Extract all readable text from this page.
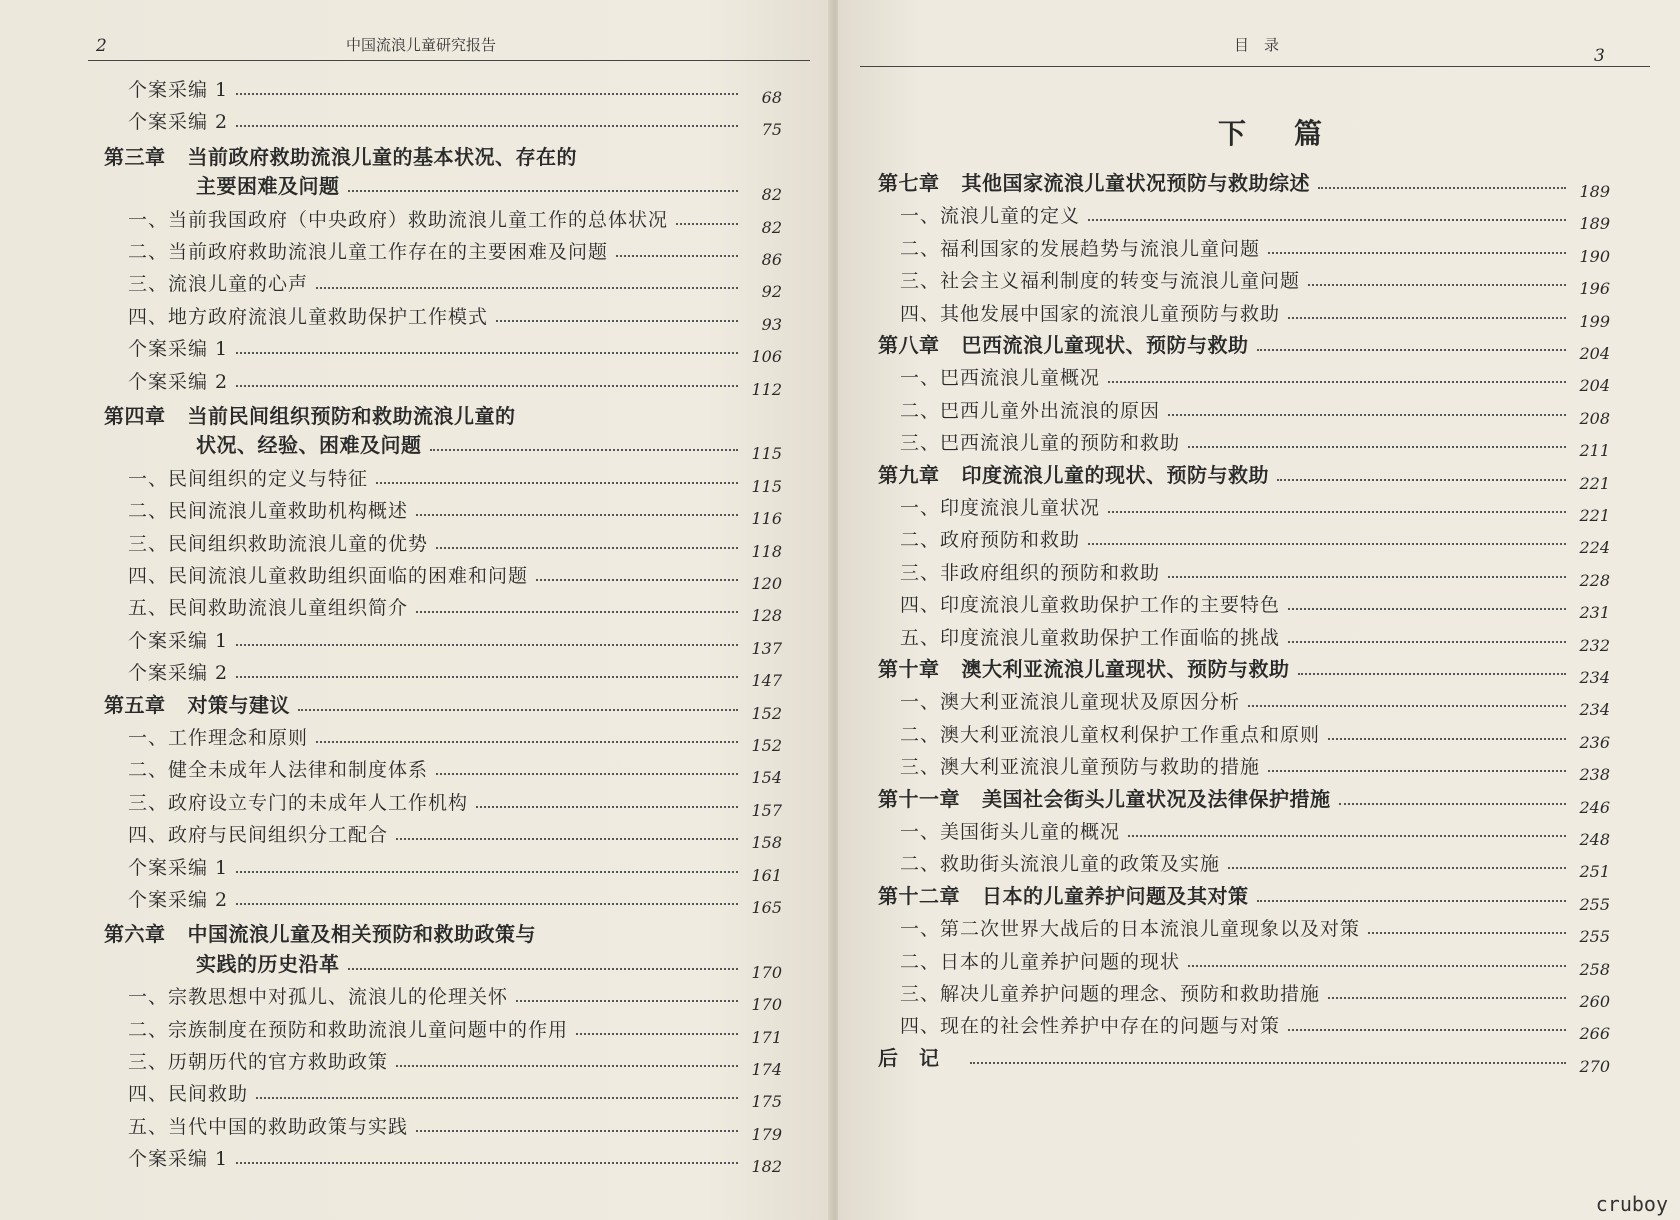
2	中国流浪儿童研究报告
个案采编 1	68
个案采编 2	75
第三章 当前政府救助流浪儿童的基本状况、存在的
主要困难及问题	82
一、当前我国政府（中央政府）救助流浪儿童工作的总体状况	82
二、当前政府救助流浪儿童工作存在的主要困难及问题	86
三、流浪儿童的心声	92
四、地方政府流浪儿童救助保护工作模式	93
个案采编 1	106
个案采编 2	112
第四章 当前民间组织预防和救助流浪儿童的
状况、经验、困难及问题	115
一、民间组织的定义与特征	115
二、民间流浪儿童救助机构概述	116
三、民间组织救助流浪儿童的优势	118
四、民间流浪儿童救助组织面临的困难和问题	120
五、民间救助流浪儿童组织简介	128
个案采编 1	137
个案采编 2	147
第五章 对策与建议	152
一、工作理念和原则	152
二、健全未成年人法律和制度体系	154
三、政府设立专门的未成年人工作机构	157
四、政府与民间组织分工配合	158
个案采编 1	161
个案采编 2	165
第六章 中国流浪儿童及相关预防和救助政策与
实践的历史沿革	170
一、宗教思想中对孤儿、流浪儿的伦理关怀	170
二、宗族制度在预防和救助流浪儿童问题中的作用	171
三、历朝历代的官方救助政策	174
四、民间救助	175
五、当代中国的救助政策与实践	179
个案采编 1	182
目　录
3
第七章 其他国家流浪儿童状况预防与救助综述	189
一、流浪儿童的定义	189
二、福利国家的发展趋势与流浪儿童问题	190
三、社会主义福利制度的转变与流浪儿童问题	196
四、其他发展中国家的流浪儿童预防与救助	199
第八章 巴西流浪儿童现状、预防与救助	204
一、巴西流浪儿童概况	204
二、巴西儿童外出流浪的原因	208
三、巴西流浪儿童的预防和救助	211
第九章 印度流浪儿童的现状、预防与救助	221
一、印度流浪儿童状况	221
二、政府预防和救助	224
三、非政府组织的预防和救助	228
四、印度流浪儿童救助保护工作的主要特色	231
五、印度流浪儿童救助保护工作面临的挑战	232
第十章 澳大利亚流浪儿童现状、预防与救助	234
一、澳大利亚流浪儿童现状及原因分析	234
二、澳大利亚流浪儿童权利保护工作重点和原则	236
三、澳大利亚流浪儿童预防与救助的措施	238
第十一章 美国社会街头儿童状况及法律保护措施	246
一、美国街头儿童的概况	248
二、救助街头流浪儿童的政策及实施	251
第十二章 日本的儿童养护问题及其对策	255
一、第二次世界大战后的日本流浪儿童现象以及对策	255
二、日本的儿童养护问题的现状	258
三、解决儿童养护问题的理念、预防和救助措施	260
四、现在的社会性养护中存在的问题与对策	266
后　记	270
下篇
cruboy
